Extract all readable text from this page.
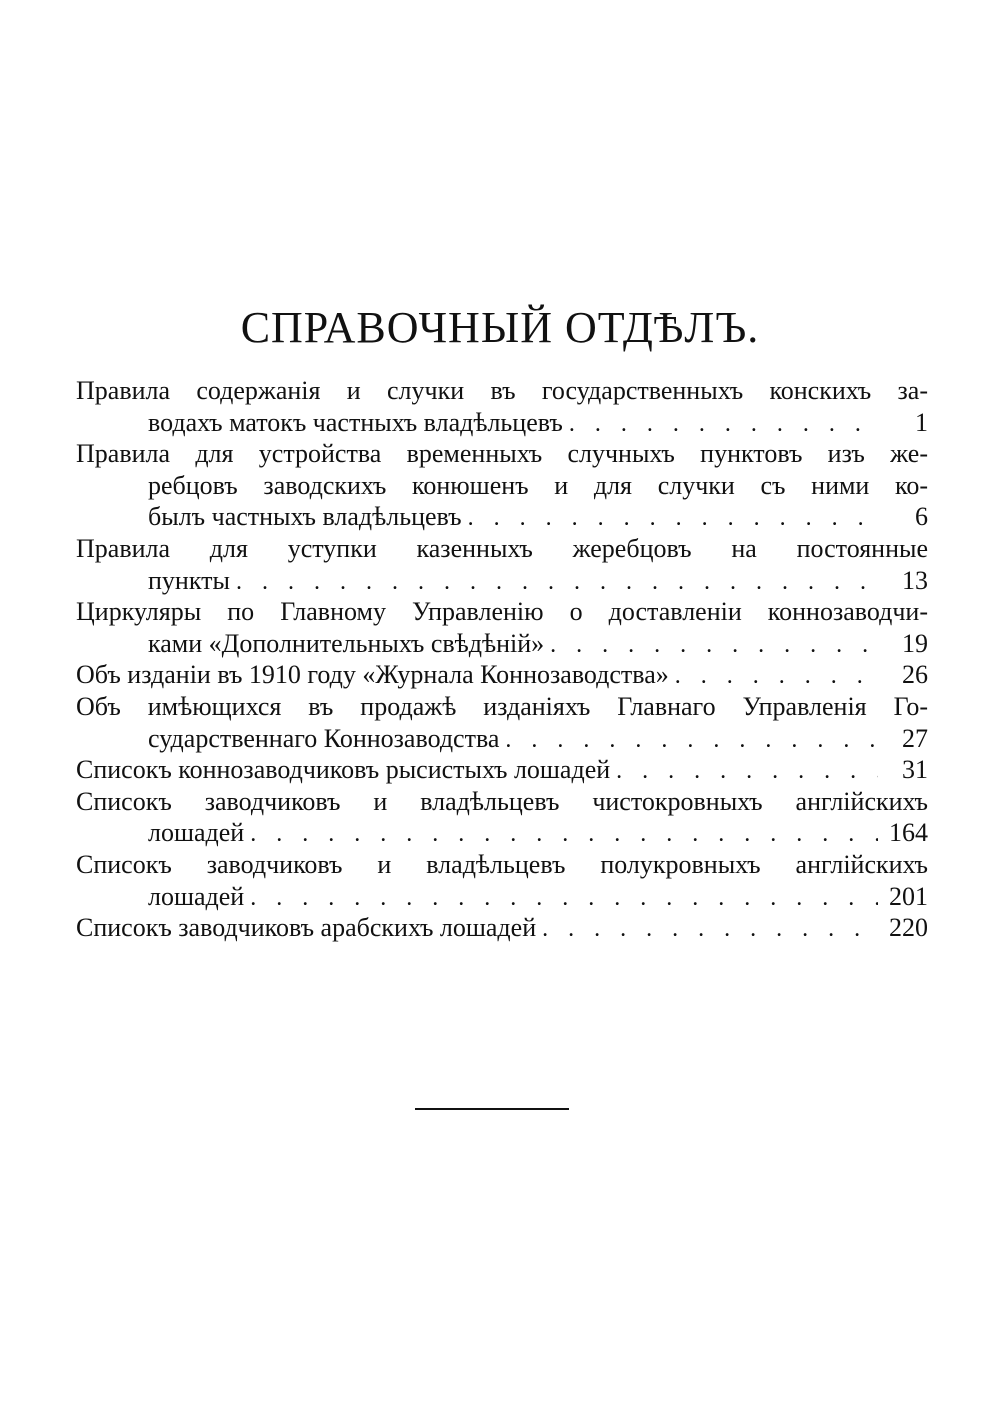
СПРАВОЧНЫЙ ОТДѢЛЪ.
Правила содержанія и случки въ государственныхъ конскихъ за-
водахъ матокъ частныхъ владѣльцевъ . . .	1
Правила для устройства временныхъ случныхъ пунктовъ изъ же-
ребцовъ заводскихъ конюшенъ и для случки съ ними ко-
былъ частныхъ владѣльцевъ . . .	6
Правила для уступки казенныхъ жеребцовъ на постоянные
пункты . . .	13
Циркуляры по Главному Управленію о доставленіи коннозаводчи-
ками «Дополнительныхъ свѣдѣній» . . .	19
Объ изданіи въ 1910 году «Журнала Коннозаводства» . . .	26
Объ имѣющихся въ продажѣ изданіяхъ Главнаго Управленія Го-
сударственнаго Коннозаводства . . .	27
Списокъ коннозаводчиковъ рысистыхъ лошадей . . .	31
Списокъ заводчиковъ и владѣльцевъ чистокровныхъ англійскихъ
лошадей . . .	164
Списокъ заводчиковъ и владѣльцевъ полукровныхъ англійскихъ
лошадей . . .	201
Списокъ заводчиковъ арабскихъ лошадей . . .	220
